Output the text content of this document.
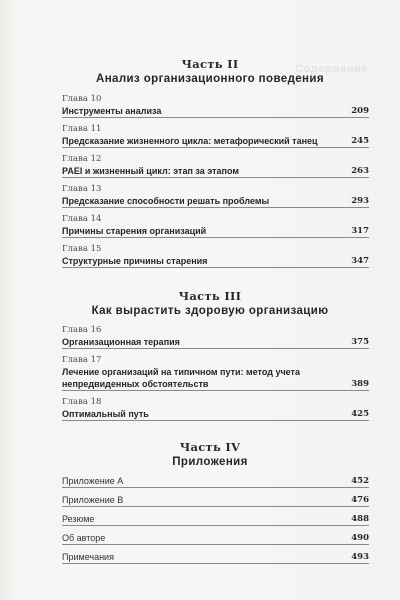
Содержание
Часть II
Анализ организационного поведения
Глава 10
Инструменты анализа	209
Глава 11
Предсказание жизненного цикла: метафорический танец	245
Глава 12
PAEI и жизненный цикл: этап за этапом	263
Глава 13
Предсказание способности решать проблемы	293
Глава 14
Причины старения организаций	317
Глава 15
Структурные причины старения	347
Часть III
Как вырастить здоровую организацию
Глава 16
Организационная терапия	375
Глава 17
Лечение организаций на типичном пути: метод учета
непредвиденных обстоятельств	389
Глава 18
Оптимальный путь	425
Часть IV
Приложения
Приложение А	452
Приложение В	476
Резюме	488
Об авторе	490
Примечания	493
